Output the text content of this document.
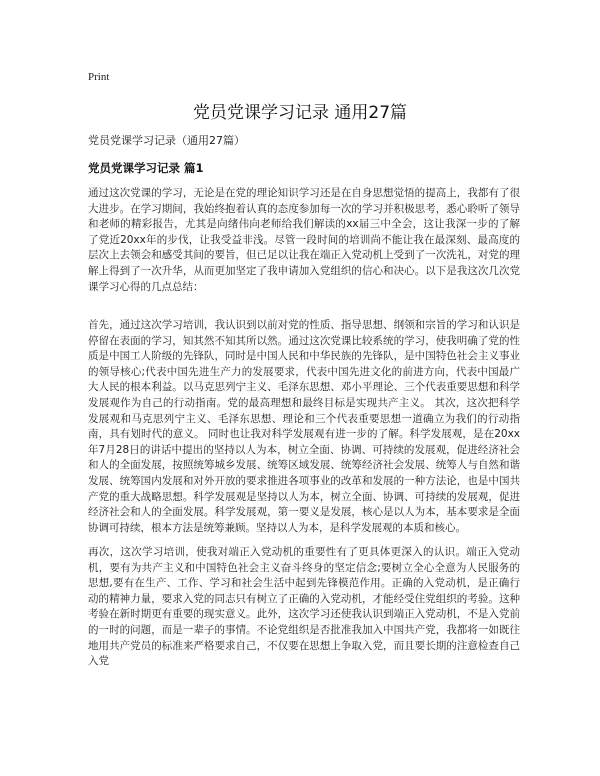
Print
党员党课学习记录 通用27篇
党员党课学习记录（通用27篇）
党员党课学习记录 篇1

通过这次党课的学习，无论是在党的理论知识学习还是在自身思想觉悟的提高上，我都有了很大进步。在学习期间，我始终抱着认真的态度参加每一次的学习并积极思考，悉心聆听了领导和老师的精彩报告，尤其是向绪伟向老师给我们解读的xx届三中全会，这让我深一步的了解了党近20xx年的步伐，让我受益非浅。尽管一段时间的培训尚不能让我在最深刻、最高度的层次上去领会和感受其间的要旨，但已足以让我在端正入党动机上受到了一次洗礼，对党的理解上得到了一次升华，从而更加坚定了我申请加入党组织的信心和决心。以下是我这次几次党课学习心得的几点总结：

首先，通过这次学习培训，我认识到以前对党的性质、指导思想、纲领和宗旨的学习和认识是停留在表面的学习，知其然不知其所以然。通过这次党课比较系统的学习，使我明确了党的性质是中国工人阶级的先锋队，同时是中国人民和中华民族的先锋队，是中国特色社会主义事业的领导核心;代表中国先进生产力的发展要求，代表中国先进文化的前进方向，代表中国最广大人民的根本利益。以马克思列宁主义、毛泽东思想、邓小平理论、三个代表重要思想和科学发展观作为自己的行动指南。党的最高理想和最终目标是实现共产主义。 其次，这次把科学发展观和马克思列宁主义、毛泽东思想、理论和三个代表重要思想一道确立为我们的行动指南，具有划时代的意义。 同时也让我对科学发展观有进一步的了解。科学发展观，是在20xx年7月28日的讲话中提出的坚持以人为本，树立全面、协调、可持续的发展观，促进经济社会和人的全面发展，按照统筹城乡发展、统筹区域发展、统筹经济社会发展、统筹人与自然和谐发展、统筹国内发展和对外开放的要求推进各项事业的改革和发展的一种方法论，也是中国共产党的重大战略思想。科学发展观是坚持以人为本，树立全面、协调、可持续的发展观，促进经济社会和人的全面发展。科学发展观，第一要义是发展，核心是以人为本，基本要求是全面协调可持续，根本方法是统筹兼顾。坚持以人为本，是科学发展观的本质和核心。

再次，这次学习培训，使我对端正入党动机的重要性有了更具体更深入的认识。端正入党动机，要有为共产主义和中国特色社会主义奋斗终身的坚定信念;要树立全心全意为人民服务的思想,要有在生产、工作、学习和社会生活中起到先锋模范作用。正确的入党动机，是正确行动的精神力量，要求入党的同志只有树立了正确的入党动机，才能经受住党组织的考验。这种考验在新时期更有重要的现实意义。此外，这次学习还使我认识到端正入党动机，不是入党前的一时的问题，而是一辈子的事情。不论党组织是否批准我加入中国共产党，我都将一如既往地用共产党员的标准来严格要求自己，不仅要在思想上争取入党，而且要长期的注意检查自己入党
